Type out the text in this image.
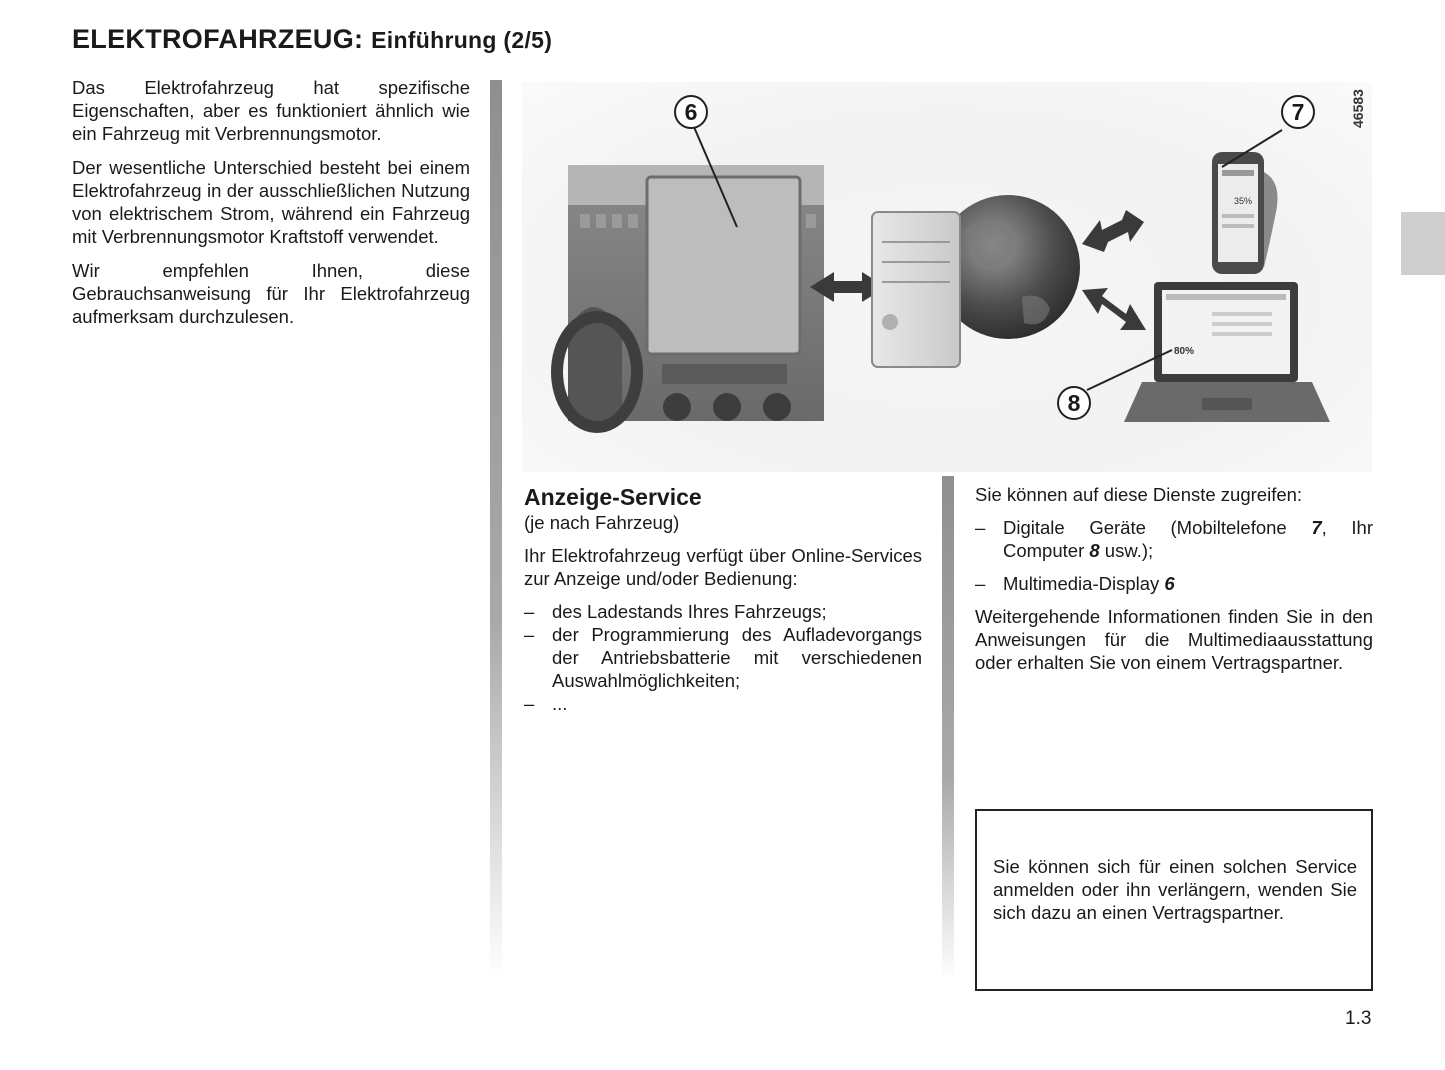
ELEKTROFAHRZEUG: Einführung (2/5)

Das Elektrofahrzeug hat spezifische Eigenschaften, aber es funktioniert ähnlich wie ein Fahrzeug mit Verbrennungsmotor.

Der wesentliche Unterschied besteht bei einem Elektrofahrzeug in der ausschließlichen Nutzung von elektrischem Strom, während ein Fahrzeug mit Verbrennungsmotor Kraftstoff verwendet.

Wir empfehlen Ihnen, diese Gebrauchsanweisung für Ihr Elektrofahrzeug aufmerksam durchzulesen.

35%
80%
6	7
8
46583

Anzeige-Service

(je nach Fahrzeug)

Ihr Elektrofahrzeug verfügt über Online-Services zur Anzeige und/oder Bedienung:

– des Ladestands Ihres Fahrzeugs;
– der Programmierung des Aufladevorgangs der Antriebsbatterie mit verschiedenen Auswahlmöglichkeiten;
– ...

Sie können auf diese Dienste zugreifen:

– Digitale Geräte (Mobiltelefone 7, Ihr Computer 8 usw.);
– Multimedia-Display 6

Weitergehende Informationen finden Sie in den Anweisungen für die Multimediaausstattung oder erhalten Sie von einem Vertragspartner.

Sie können sich für einen solchen Service anmelden oder ihn verlängern, wenden Sie sich dazu an einen Vertragspartner.
1.3
